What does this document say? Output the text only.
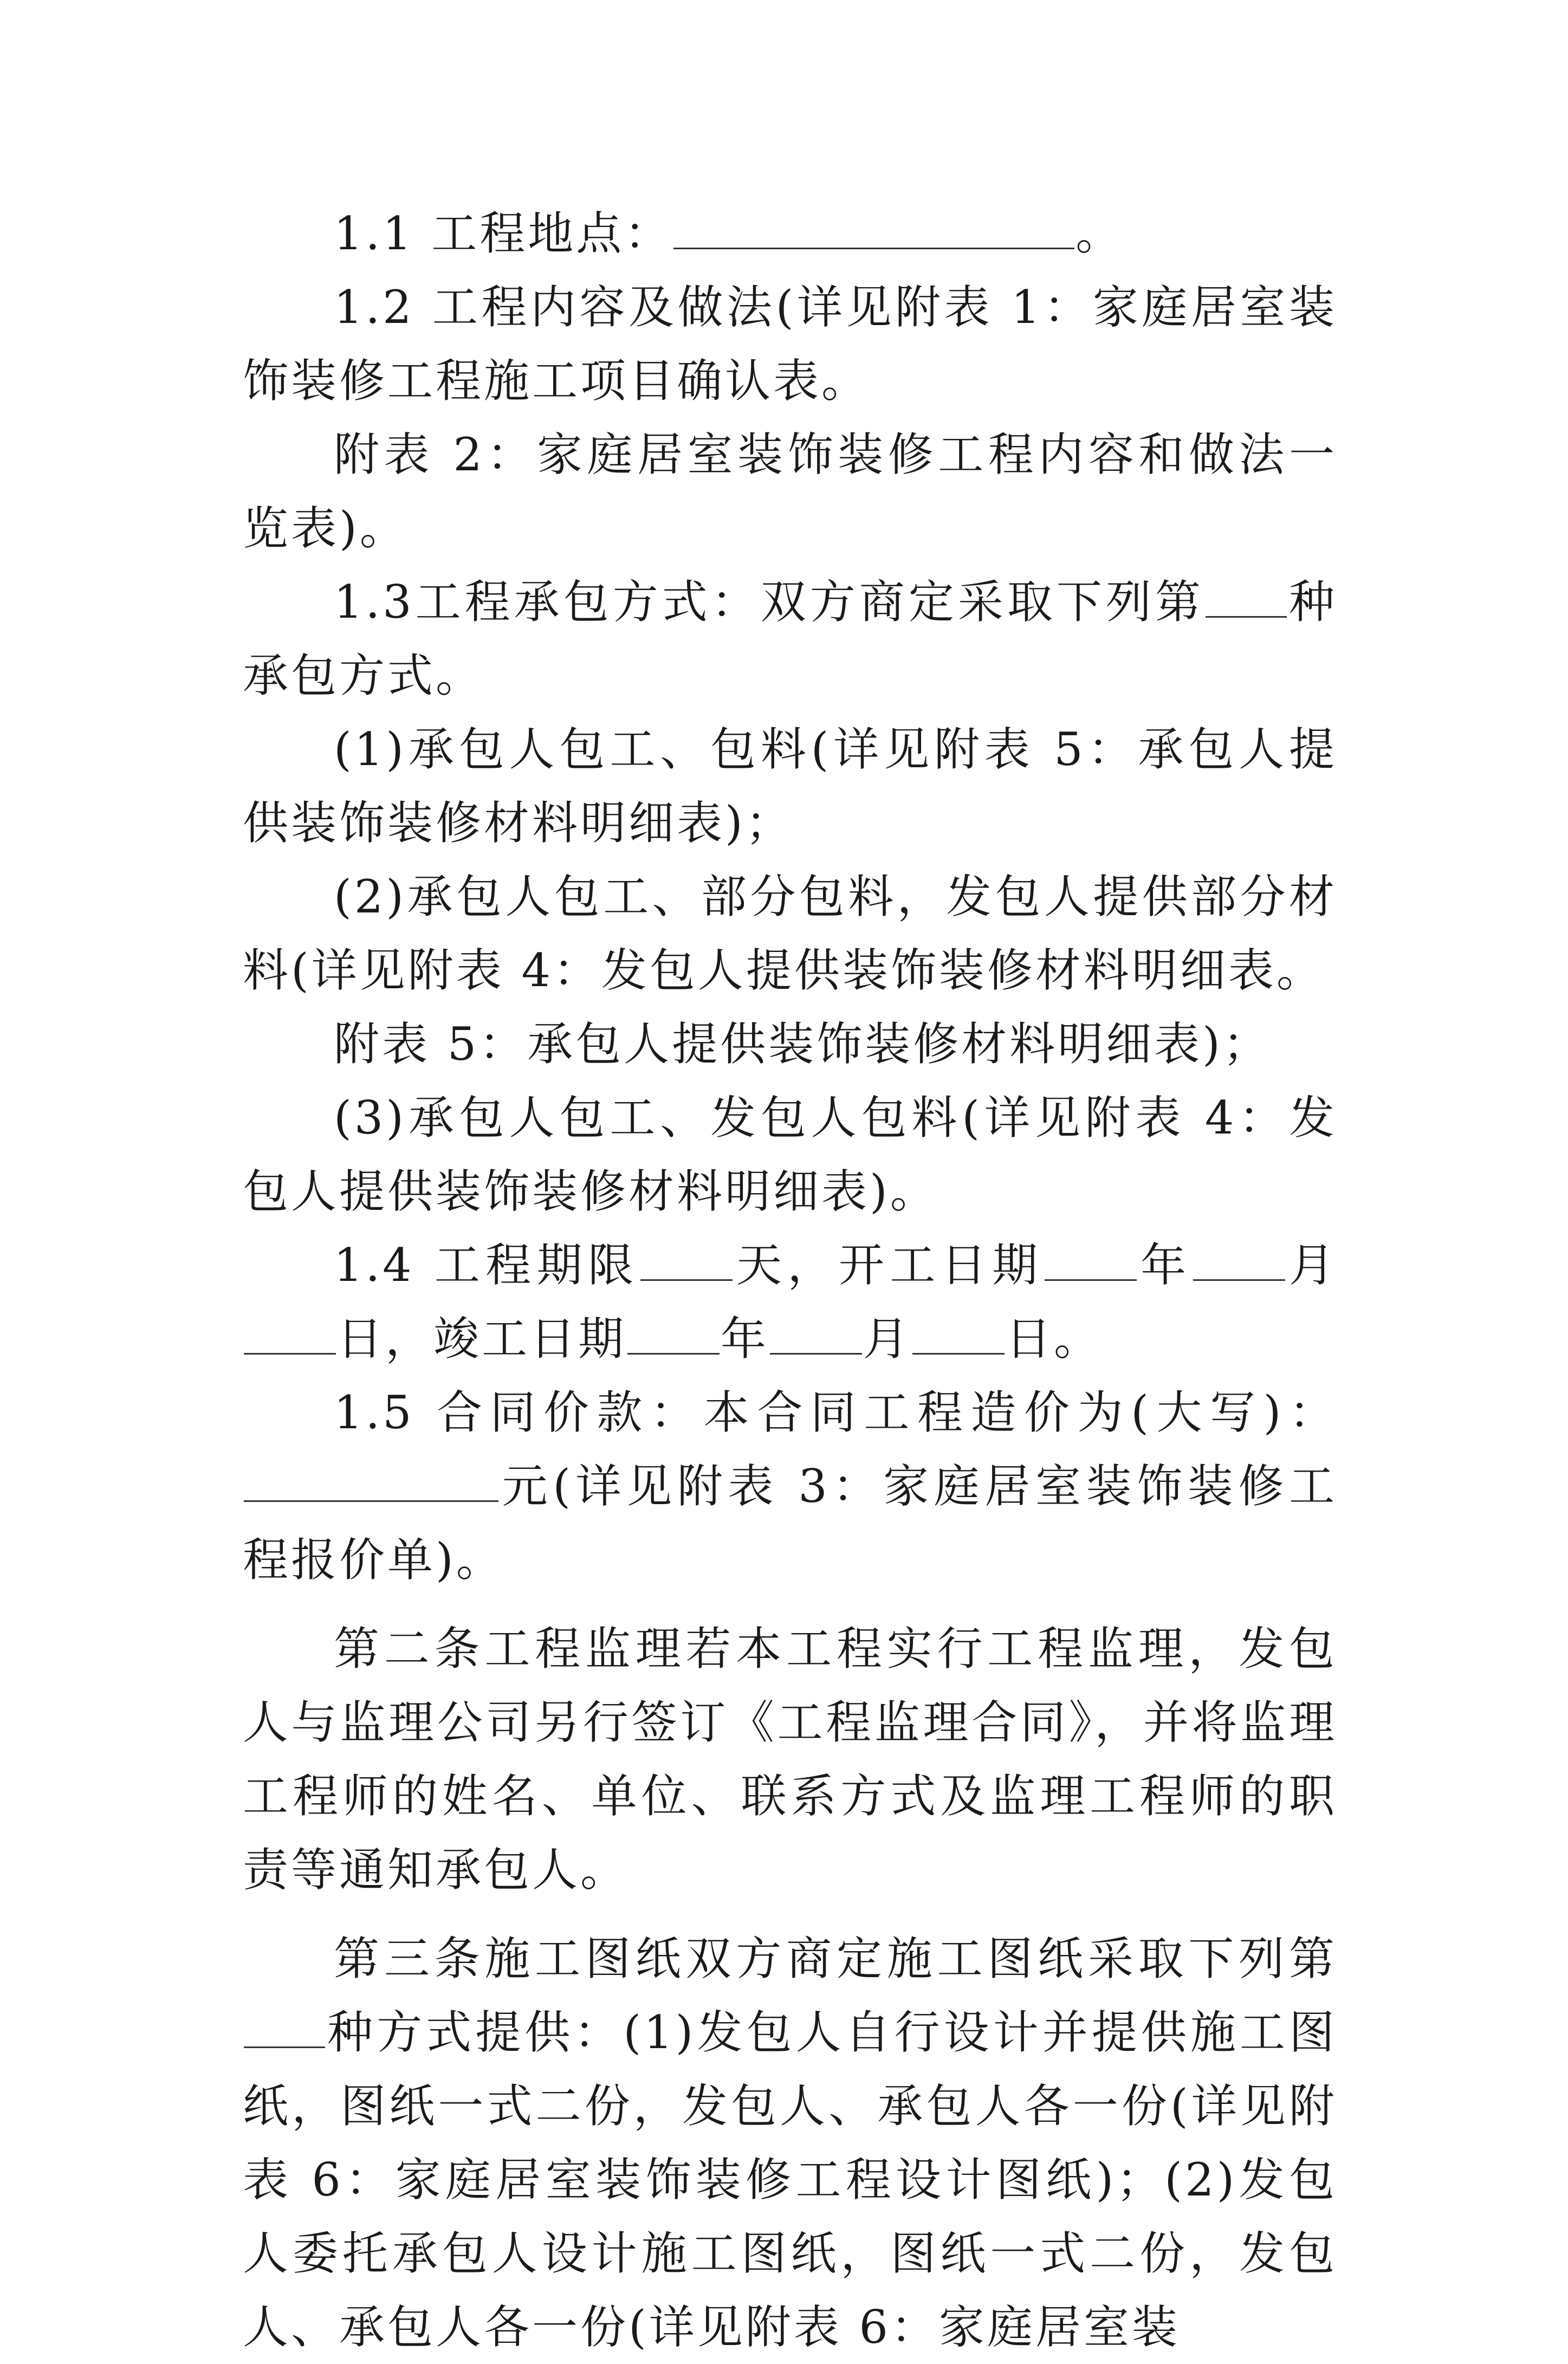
1.1 工程地点：	。

1.2 工程内容及做法(详见附表 1：家庭居室装饰装修工程施工项目确认表。

附表 2：家庭居室装饰装修工程内容和做法一览表)。

1.3工程承包方式：双方商定采取下列第 种承包方式。

(1)承包人包工、包料(详见附表 5：承包人提供装饰装修材料明细表)；

(2)承包人包工、部分包料，发包人提供部分材料(详见附表 4：发包人提供装饰装修材料明细表。

附表 5：承包人提供装饰装修材料明细表)；

(3)承包人包工、发包人包料(详见附表 4：发包人提供装饰装修材料明细表)。

1.4 工程期限 天，开工日期 年 月日，竣工日期 年 月 日。

1.5 合同价款：本合同工程造价为(大写)：元(详见附表 3：家庭居室装饰装修工程报价单)。

第二条工程监理若本工程实行工程监理，发包人与监理公司另行签订《工程监理合同》，并将监理工程师的姓名、单位、联系方式及监理工程师的职责等通知承包人。

第三条施工图纸双方商定施工图纸采取下列第种方式提供：(1)发包人自行设计并提供施工图纸，图纸一式二份，发包人、承包人各一份(详见附表 6：家庭居室装饰装修工程设计图纸)；(2)发包人委托承包人设计施工图纸，图纸一式二份，发包人、承包人各一份(详见附表 6：家庭居室装
